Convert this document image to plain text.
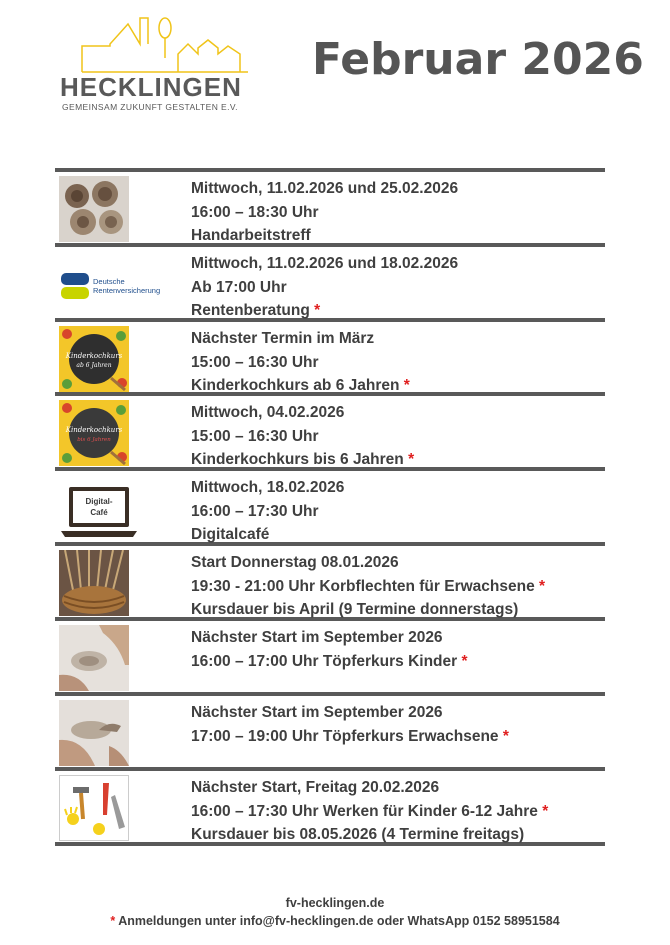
HECKLINGEN
GEMEINSAM ZUKUNFT GESTALTEN E.V.
Februar 2026
Mittwoch, 11.02.2026 und 25.02.2026
16:00 – 18:30 Uhr
Handarbeitstreff
Deutsche
Rentenversicherung
Mittwoch, 11.02.2026 und 18.02.2026
Ab 17:00 Uhr
Rentenberatung *
Kinderkochkurs
ab 6 Jahren
Nächster Termin im März
15:00 – 16:30 Uhr
Kinderkochkurs ab 6 Jahren *
Kinderkochkurs
bis 6 Jahren
Mittwoch, 04.02.2026
15:00 – 16:30 Uhr
Kinderkochkurs bis 6 Jahren *
Digital-
Café
Mittwoch, 18.02.2026
16:00 – 17:30 Uhr
Digitalcafé
Start Donnerstag 08.01.2026
19:30 - 21:00 Uhr Korbflechten für Erwachsene *
Kursdauer bis April (9 Termine donnerstags)
Nächster Start im September 2026
16:00 – 17:00 Uhr Töpferkurs Kinder *
Nächster Start im September 2026
17:00 – 19:00 Uhr Töpferkurs Erwachsene *
Nächster Start, Freitag 20.02.2026
16:00 – 17:30 Uhr Werken für Kinder 6-12 Jahre *
Kursdauer bis 08.05.2026 (4 Termine freitags)
fv-hecklingen.de
* Anmeldungen unter info@fv-hecklingen.de oder WhatsApp 0152 58951584
